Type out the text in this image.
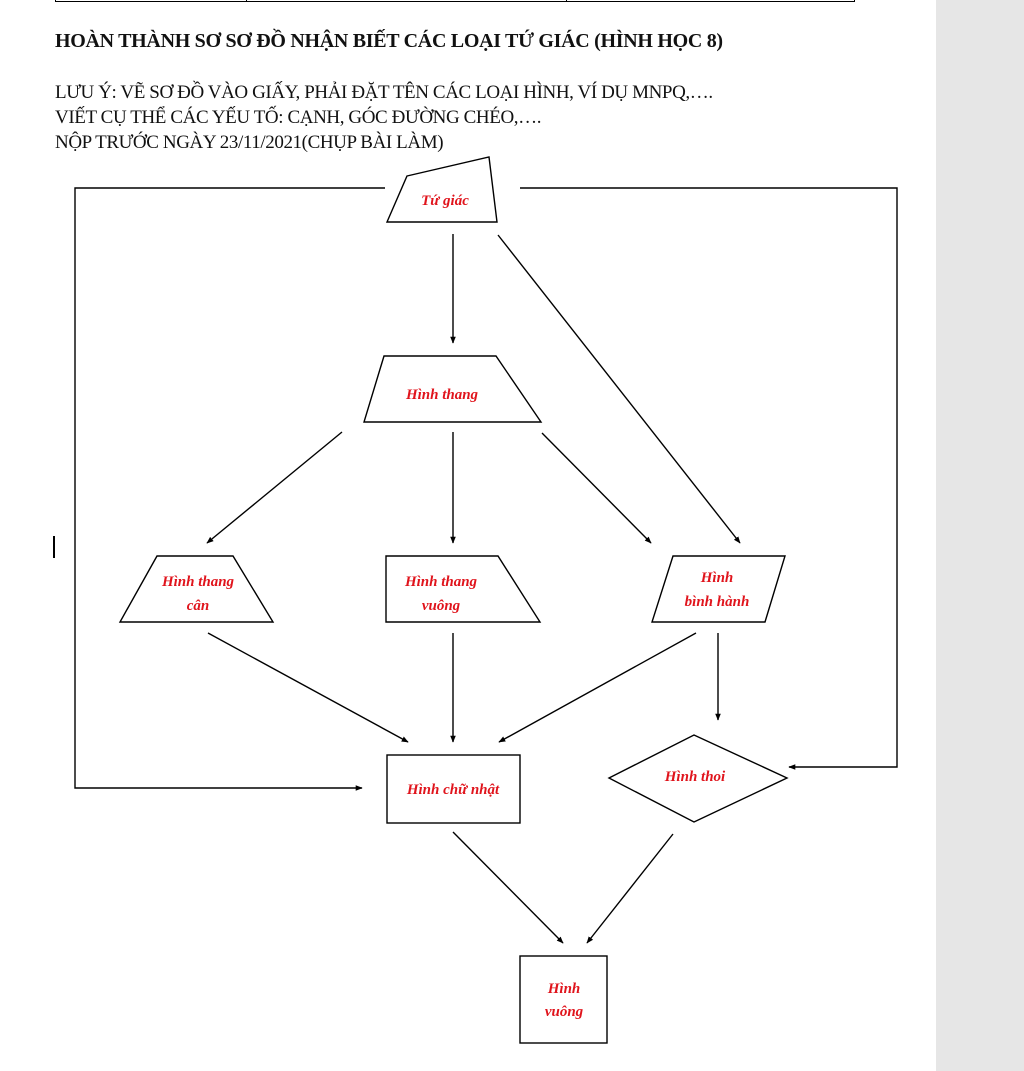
HOÀN THÀNH SƠ SƠ ĐỒ NHẬN BIẾT CÁC LOẠI TỨ GIÁC (HÌNH HỌC 8)
LƯU Ý: VẼ SƠ ĐỒ VÀO GIẤY, PHẢI ĐẶT TÊN CÁC LOẠI HÌNH, VÍ DỤ MNPQ,….
VIẾT CỤ THỂ CÁC YẾU TỐ: CẠNH, GÓC ĐƯỜNG CHÉO,….
NỘP TRƯỚC NGÀY 23/11/2021(CHỤP BÀI LÀM)
Tứ giác
Hình thang
Hình thang
cân
Hình thang
vuông
Hình
bình hành
Hình chữ nhật
Hình thoi
Hình
vuông
